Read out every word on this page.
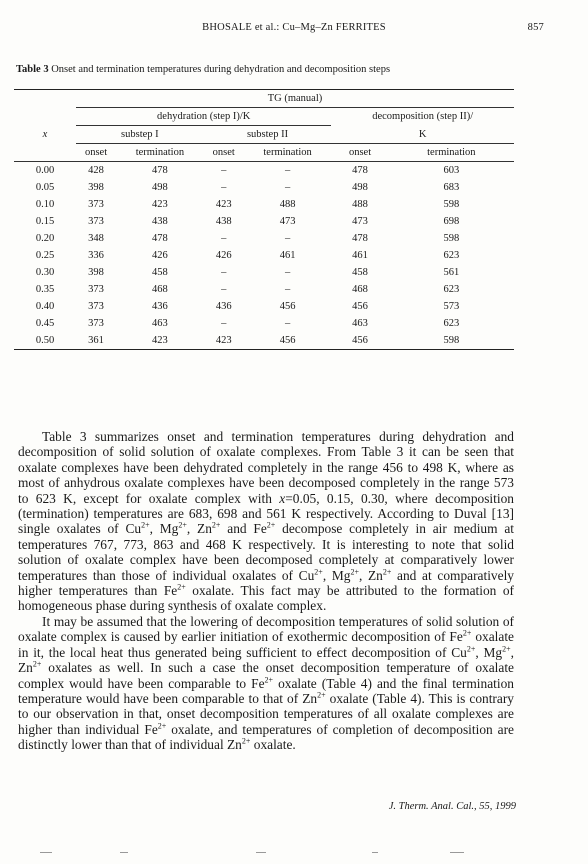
BHOSALE et al.: Cu–Mg–Zn FERRITES	857
Table 3 Onset and termination temperatures during dehydration and decomposition steps
	TG (manual)					
	dehydration (step I)/K				decomposition (step II)/	
x	substep I		substep II		K	
	onset	termination	onset	termination	onset	termination
0.00	428	478	–	–	478	603
0.05	398	498	–	–	498	683
0.10	373	423	423	488	488	598
0.15	373	438	438	473	473	698
0.20	348	478	–	–	478	598
0.25	336	426	426	461	461	623
0.30	398	458	–	–	458	561
0.35	373	468	–	–	468	623
0.40	373	436	436	456	456	573
0.45	373	463	–	–	463	623
0.50	361	423	423	456	456	598

Table 3 summarizes onset and termination temperatures during dehydration and decomposition of solid solution of oxalate complexes. From Table 3 it can be seen that oxalate complexes have been dehydrated completely in the range 456 to 498 K, where as most of anhydrous oxalate complexes have been decomposed completely in the range 573 to 623 K, except for oxalate complex with x=0.05, 0.15, 0.30, where decomposition (termination) temperatures are 683, 698 and 561 K respectively. According to Duval [13] single oxalates of $Cu^{2+}$, $Mg^{2+}$, $Zn^{2+}$ and $Fe^{2+}$ decompose completely in air medium at temperatures 767, 773, 863 and 468 K respectively. It is interesting to note that solid solution of oxalate complex have been decomposed completely at comparatively lower temperatures than those of individual oxalates of $Cu^{2+}$, $Mg^{2+}$, $Zn^{2+}$ and at comparatively higher temperatures than $Fe^{2+}$ oxalate. This fact may be attributed to the formation of homogeneous phase during synthesis of oxalate complex.

It may be assumed that the lowering of decomposition temperatures of solid solution of oxalate complex is caused by earlier initiation of exothermic decomposition of $Fe^{2+}$ oxalate in it, the local heat thus generated being sufficient to effect decomposition of $Cu^{2+}$, $Mg^{2+}$, $Zn^{2+}$ oxalates as well. In such a case the onset decomposition temperature of oxalate complex would have been comparable to $Fe^{2+}$ oxalate (Table 4) and the final termination temperature would have been comparable to that of $Zn^{2+}$ oxalate (Table 4). This is contrary to our observation in that, onset decomposition temperatures of all oxalate complexes are higher than individual $Fe^{2+}$ oxalate, and temperatures of completion of decomposition are distinctly lower than that of individual $Zn^{2+}$ oxalate.

J. Therm. Anal. Cal., 55, 1999
